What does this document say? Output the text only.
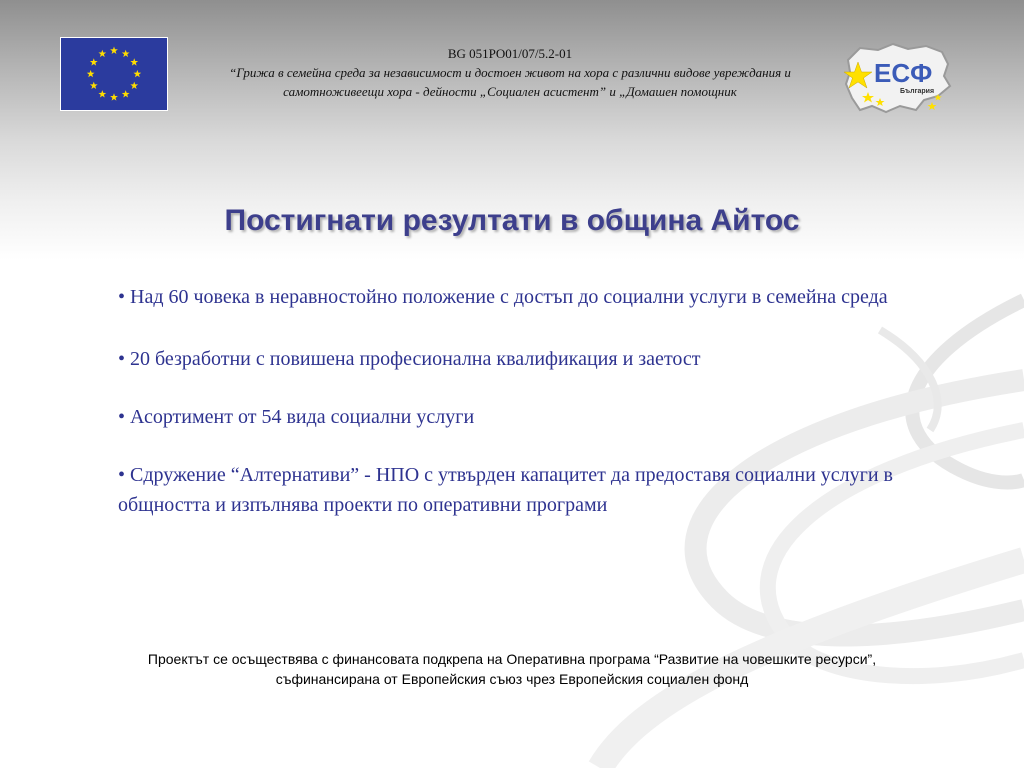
BG 051PO01/07/5.2-01
“Грижа в семейна среда за независимост и достоен живот на хора с различни видове увреждания и
самотноживеещи хора - дейности „Социален асистент” и „Домашен помощник
ЕСФ
България
Постигнати резултати в община Айтос
• Над 60 човека в неравностойно положение с достъп до социални услуги в семейна среда
• 20 безработни с повишена професионална квалификация и заетост
• Асортимент от 54 вида социални услуги
• Сдружение “Алтернативи” - НПО с утвърден капацитет да предоставя социални услуги в общността и изпълнява проекти по оперативни програми
Проектът се осъществява с финансовата подкрепа на Оперативна програма “Развитие на човешките ресурси”,
съфинансирана от Европейския съюз чрез Европейския социален фонд
